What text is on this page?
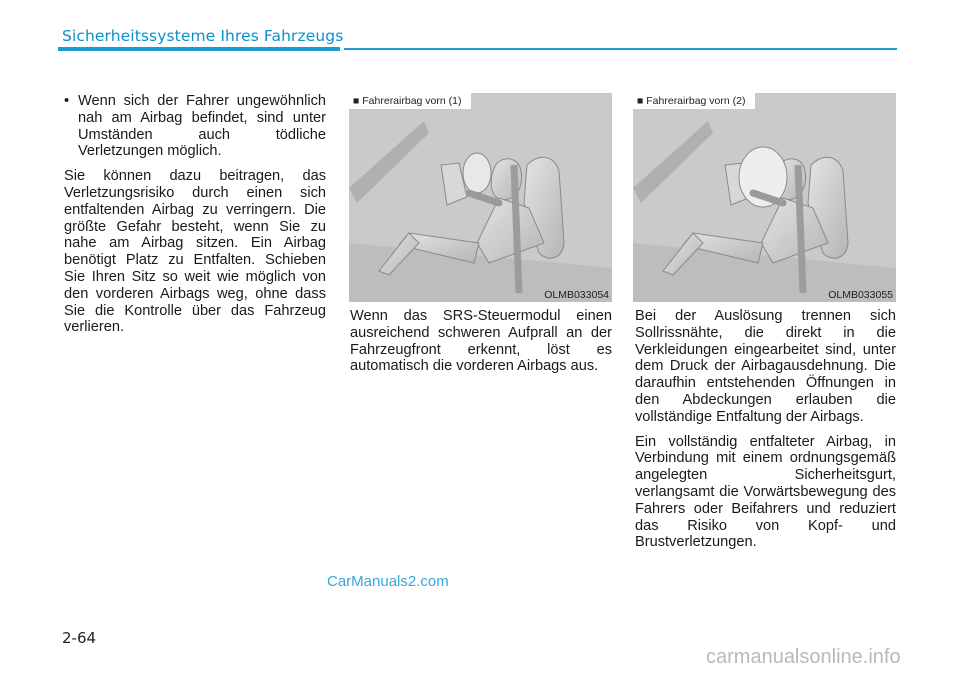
Sicherheitssysteme Ihres Fahrzeugs
• Wenn sich der Fahrer ungewöhnlich nah am Airbag befindet, sind unter Umständen auch tödliche Verletzungen möglich.

Sie können dazu beitragen, das Verletzungsrisiko durch einen sich entfaltenden Airbag zu verringern. Die größte Gefahr besteht, wenn Sie zu nahe am Airbag sitzen. Ein Airbag benötigt Platz zu Entfalten. Schieben Sie Ihren Sitz so weit wie möglich von den vorderen Airbags weg, ohne dass Sie die Kontrolle über das Fahrzeug verlieren.

■ Fahrerairbag vorn (1)
OLMB033054
■ Fahrerairbag vorn (2)
OLMB033055

Wenn das SRS-Steuermodul einen ausreichend schweren Aufprall an der Fahrzeugfront erkennt, löst es automatisch die vorderen Airbags aus.

Bei der Auslösung trennen sich Sollrissnähte, die direkt in die Verkleidungen eingearbeitet sind, unter dem Druck der Airbagausdehnung. Die daraufhin entstehenden Öffnungen in den Abdeckungen erlauben die vollständige Entfaltung der Airbags.

Ein vollständig entfalteter Airbag, in Verbindung mit einem ordnungsgemäß angelegten Sicherheitsgurt, verlangsamt die Vorwärtsbewegung des Fahrers oder Beifahrers und reduziert das Risiko von Kopf- und Brustverletzungen.

CarManuals2.com
2-64
carmanualsonline.info
